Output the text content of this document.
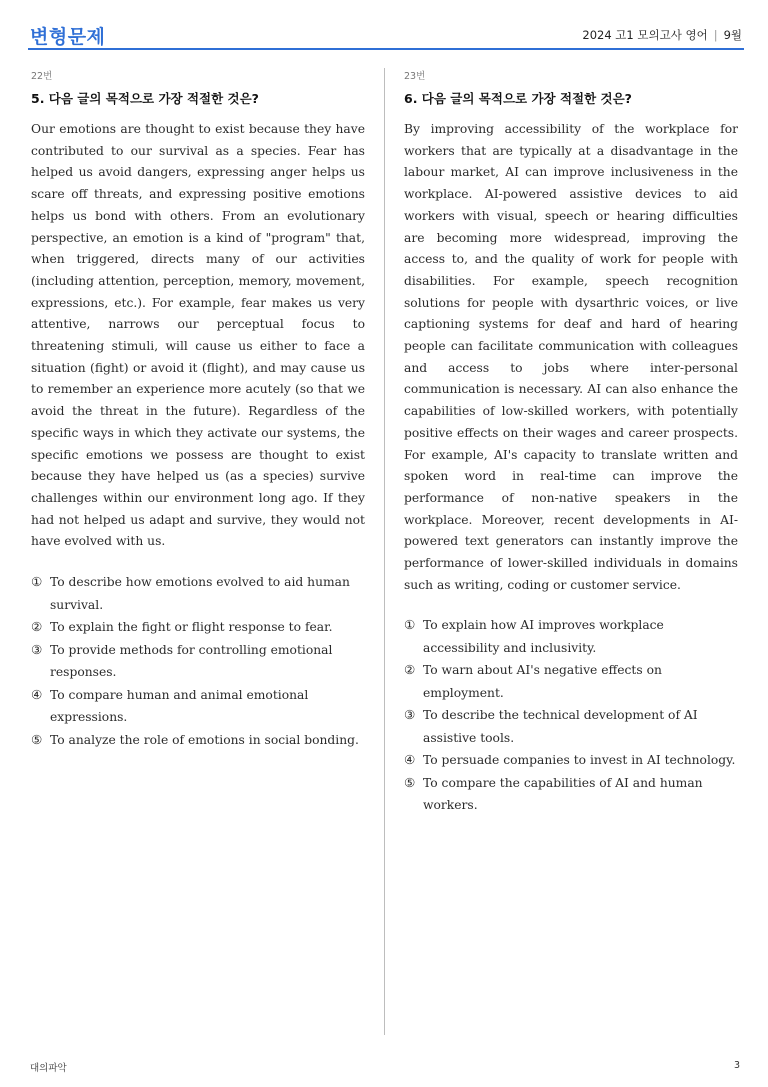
변형문제	2024 고1 모의고사 영어 | 9월
22번
5. 다음 글의 목적으로 가장 적절한 것은?

Our emotions are thought to exist because they have contributed to our survival as a species. Fear has helped us avoid dangers, expressing anger helps us scare off threats, and expressing positive emotions helps us bond with others. From an evolutionary perspective, an emotion is a kind of "program" that, when triggered, directs many of our activities (including attention, perception, memory, movement, expressions, etc.). For example, fear makes us very attentive, narrows our perceptual focus to threatening stimuli, will cause us either to face a situation (fight) or avoid it (flight), and may cause us to remember an experience more acutely (so that we avoid the threat in the future). Regardless of the specific ways in which they activate our systems, the specific emotions we possess are thought to exist because they have helped us (as a species) survive challenges within our environment long ago. If they had not helped us adapt and survive, they would not have evolved with us.

① To describe how emotions evolved to aid human survival.
② To explain the fight or flight response to fear.
③ To provide methods for controlling emotional responses.
④ To compare human and animal emotional expressions.
⑤ To analyze the role of emotions in social bonding.
23번
6. 다음 글의 목적으로 가장 적절한 것은?

By improving accessibility of the workplace for workers that are typically at a disadvantage in the labour market, AI can improve inclusiveness in the workplace. AI-powered assistive devices to aid workers with visual, speech or hearing difficulties are becoming more widespread, improving the access to, and the quality of work for people with disabilities. For example, speech recognition solutions for people with dysarthric voices, or live captioning systems for deaf and hard of hearing people can facilitate communication with colleagues and access to jobs where inter-personal communication is necessary. AI can also enhance the capabilities of low-skilled workers, with potentially positive effects on their wages and career prospects. For example, AI's capacity to translate written and spoken word in real-time can improve the performance of non-native speakers in the workplace. Moreover, recent developments in AI-powered text generators can instantly improve the performance of lower-skilled individuals in domains such as writing, coding or customer service.

① To explain how AI improves workplace accessibility and inclusivity.
② To warn about AI's negative effects on employment.
③ To describe the technical development of AI assistive tools.
④ To persuade companies to invest in AI technology.
⑤ To compare the capabilities of AI and human workers.
대의파악	3
